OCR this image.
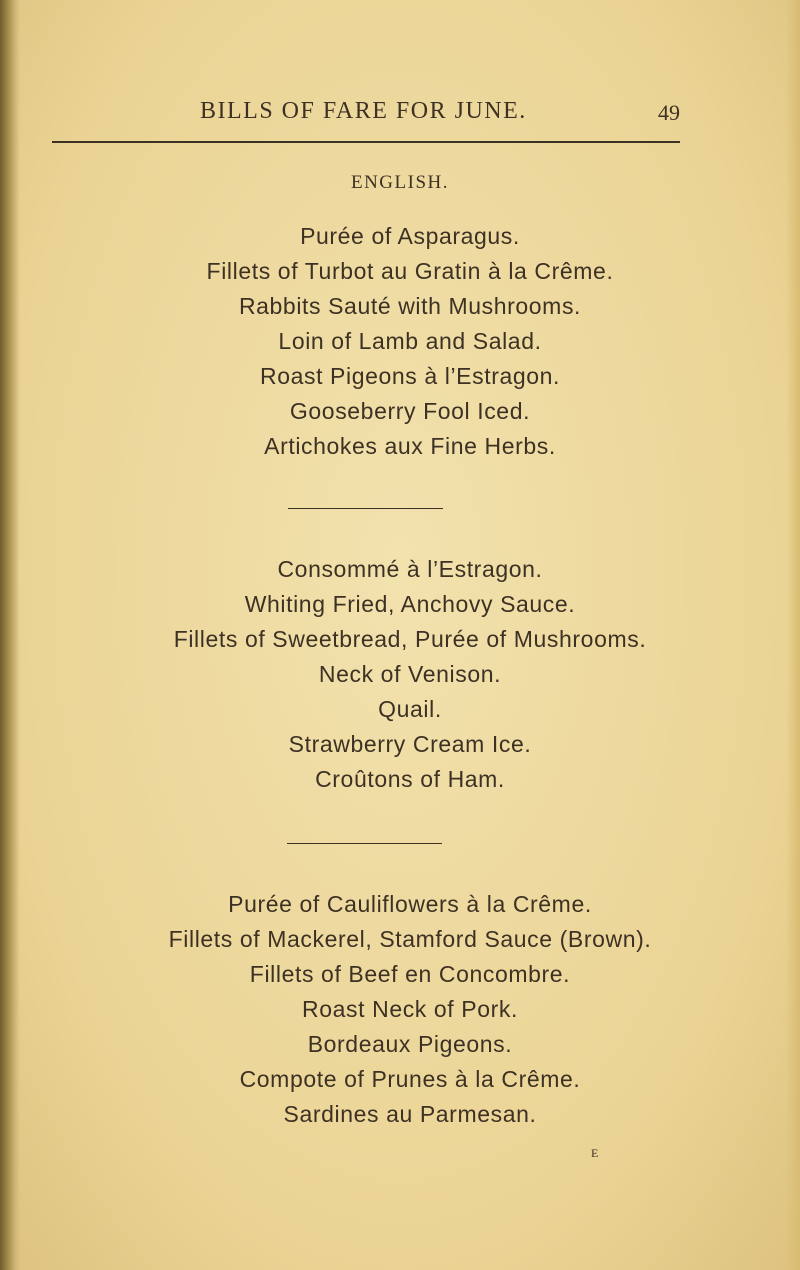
BILLS OF FARE FOR JUNE.	49
ENGLISH.
Purée of Asparagus.
Fillets of Turbot au Gratin à la Crême.
Rabbits Sauté with Mushrooms.
Loin of Lamb and Salad.
Roast Pigeons à l’Estragon.
Gooseberry Fool Iced.
Artichokes aux Fine Herbs.
Consommé à l’Estragon.
Whiting Fried, Anchovy Sauce.
Fillets of Sweetbread, Purée of Mushrooms.
Neck of Venison.
Quail.
Strawberry Cream Ice.
Croûtons of Ham.
Purée of Cauliflowers à la Crême.
Fillets of Mackerel, Stamford Sauce (Brown).
Fillets of Beef en Concombre.
Roast Neck of Pork.
Bordeaux Pigeons.
Compote of Prunes à la Crême.
Sardines au Parmesan.
E
